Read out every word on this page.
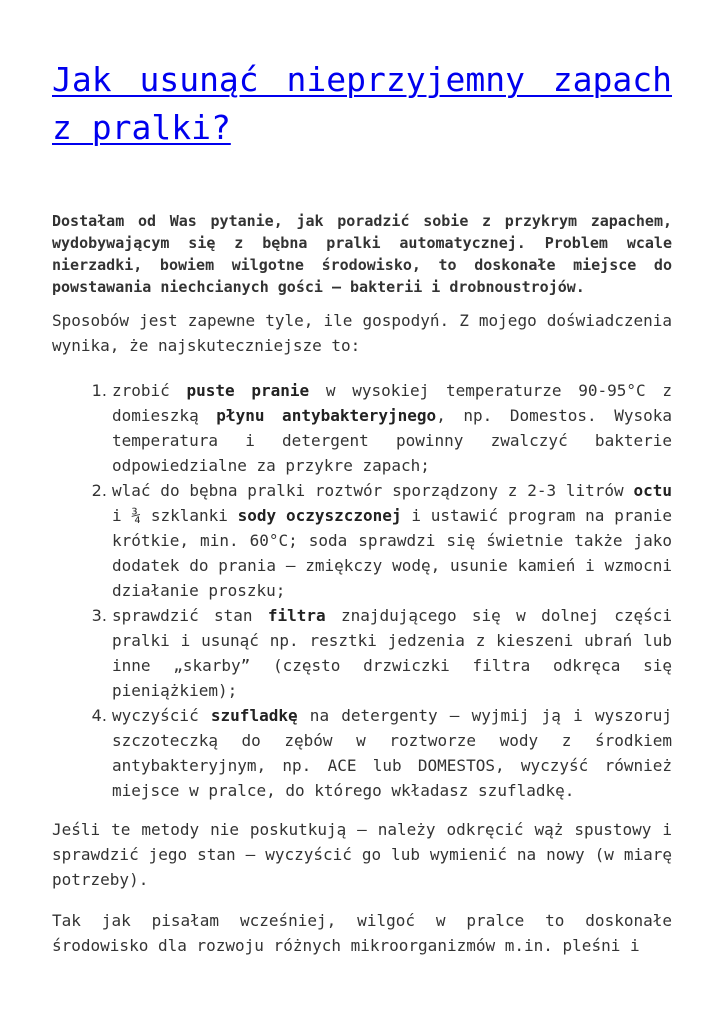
Jak usunąć nieprzyjemny zapach z pralki?

Dostałam od Was pytanie, jak poradzić sobie z przykrym zapachem, wydobywającym się z bębna pralki automatycznej. Problem wcale nierzadki, bowiem wilgotne środowisko, to doskonałe miejsce do powstawania niechcianych gości – bakterii i drobnoustrojów.

Sposobów jest zapewne tyle, ile gospodyń. Z mojego doświadczenia wynika, że najskuteczniejsze to:

1. zrobić puste pranie w wysokiej temperaturze 90-95°C z domieszką płynu antybakteryjnego, np. Domestos. Wysoka temperatura i detergent powinny zwalczyć bakterie odpowiedzialne za przykre zapach;
2. wlać do bębna pralki roztwór sporządzony z 2-3 litrów octu i ¾ szklanki sody oczyszczonej i ustawić program na pranie krótkie, min. 60°C; soda sprawdzi się świetnie także jako dodatek do prania – zmiękczy wodę, usunie kamień i wzmocni działanie proszku;
3. sprawdzić stan filtra znajdującego się w dolnej części pralki i usunąć np. resztki jedzenia z kieszeni ubrań lub inne „skarby” (często drzwiczki filtra odkręca się pieniążkiem);
4. wyczyścić szufladkę na detergenty – wyjmij ją i wyszoruj szczoteczką do zębów w roztworze wody z środkiem antybakteryjnym, np. ACE lub DOMESTOS, wyczyść również miejsce w pralce, do którego wkładasz szufladkę.

Jeśli te metody nie poskutkują – należy odkręcić wąż spustowy i sprawdzić jego stan – wyczyścić go lub wymienić na nowy (w miarę potrzeby).

Tak jak pisałam wcześniej, wilgoć w pralce to doskonałe środowisko dla rozwoju różnych mikroorganizmów m.in. pleśni i
